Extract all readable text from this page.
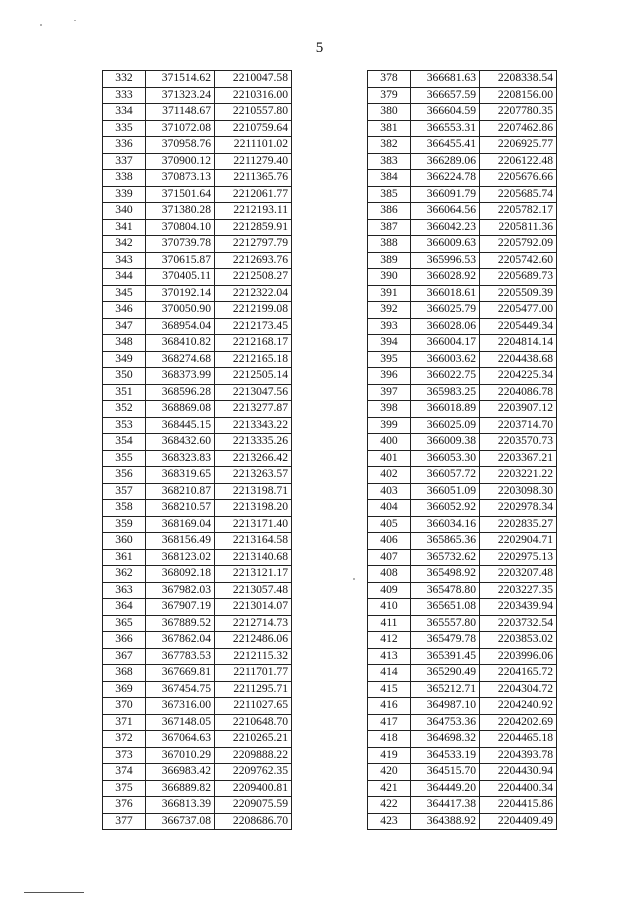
5
332	371514.62	2210047.58
333	371323.24	2210316.00
334	371148.67	2210557.80
335	371072.08	2210759.64
336	370958.76	2211101.02
337	370900.12	2211279.40
338	370873.13	2211365.76
339	371501.64	2212061.77
340	371380.28	2212193.11
341	370804.10	2212859.91
342	370739.78	2212797.79
343	370615.87	2212693.76
344	370405.11	2212508.27
345	370192.14	2212322.04
346	370050.90	2212199.08
347	368954.04	2212173.45
348	368410.82	2212168.17
349	368274.68	2212165.18
350	368373.99	2212505.14
351	368596.28	2213047.56
352	368869.08	2213277.87
353	368445.15	2213343.22
354	368432.60	2213335.26
355	368323.83	2213266.42
356	368319.65	2213263.57
357	368210.87	2213198.71
358	368210.57	2213198.20
359	368169.04	2213171.40
360	368156.49	2213164.58
361	368123.02	2213140.68
362	368092.18	2213121.17
363	367982.03	2213057.48
364	367907.19	2213014.07
365	367889.52	2212714.73
366	367862.04	2212486.06
367	367783.53	2212115.32
368	367669.81	2211701.77
369	367454.75	2211295.71
370	367316.00	2211027.65
371	367148.05	2210648.70
372	367064.63	2210265.21
373	367010.29	2209888.22
374	366983.42	2209762.35
375	366889.82	2209400.81
376	366813.39	2209075.59
377	366737.08	2208686.70
378	366681.63	2208338.54
379	366657.59	2208156.00
380	366604.59	2207780.35
381	366553.31	2207462.86
382	366455.41	2206925.77
383	366289.06	2206122.48
384	366224.78	2205676.66
385	366091.79	2205685.74
386	366064.56	2205782.17
387	366042.23	2205811.36
388	366009.63	2205792.09
389	365996.53	2205742.60
390	366028.92	2205689.73
391	366018.61	2205509.39
392	366025.79	2205477.00
393	366028.06	2205449.34
394	366004.17	2204814.14
395	366003.62	2204438.68
396	366022.75	2204225.34
397	365983.25	2204086.78
398	366018.89	2203907.12
399	366025.09	2203714.70
400	366009.38	2203570.73
401	366053.30	2203367.21
402	366057.72	2203221.22
403	366051.09	2203098.30
404	366052.92	2202978.34
405	366034.16	2202835.27
406	365865.36	2202904.71
407	365732.62	2202975.13
408	365498.92	2203207.48
409	365478.80	2203227.35
410	365651.08	2203439.94
411	365557.80	2203732.54
412	365479.78	2203853.02
413	365391.45	2203996.06
414	365290.49	2204165.72
415	365212.71	2204304.72
416	364987.10	2204240.92
417	364753.36	2204202.69
418	364698.32	2204465.18
419	364533.19	2204393.78
420	364515.70	2204430.94
421	364449.20	2204400.34
422	364417.38	2204415.86
423	364388.92	2204409.49
